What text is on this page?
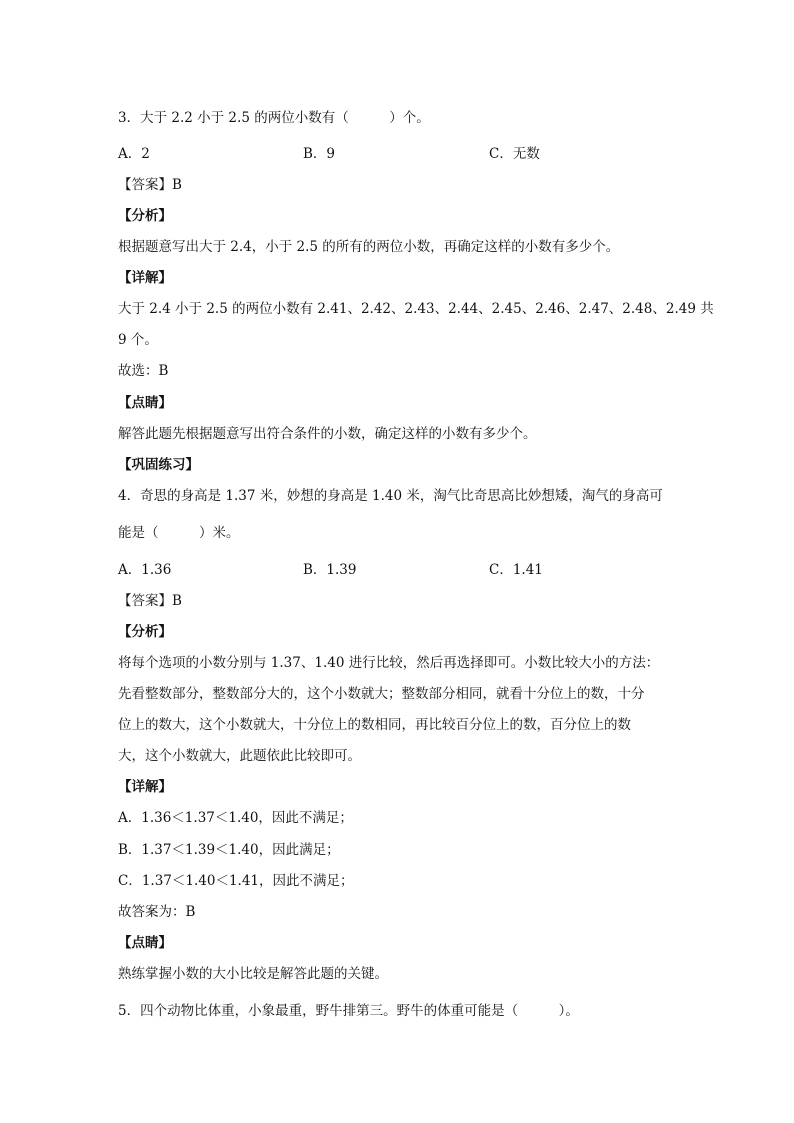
3．大于 2.2 小于 2.5 的两位小数有（　　　）个。
A．2	B．9	C．无数
【答案】B
【分析】
根据题意写出大于 2.4，小于 2.5 的所有的两位小数，再确定这样的小数有多少个。
【详解】
大于 2.4 小于 2.5 的两位小数有 2.41、2.42、2.43、2.44、2.45、2.46、2.47、2.48、2.49 共
9 个。
故选：B
【点睛】
解答此题先根据题意写出符合条件的小数，确定这样的小数有多少个。
【巩固练习】
4．奇思的身高是 1.37 米，妙想的身高是 1.40 米，淘气比奇思高比妙想矮，淘气的身高可
能是（　　　）米。
A．1.36	B．1.39	C．1.41
【答案】B
【分析】
将每个选项的小数分别与 1.37、1.40 进行比较，然后再选择即可。小数比较大小的方法：
先看整数部分，整数部分大的，这个小数就大；整数部分相同，就看十分位上的数，十分
位上的数大，这个小数就大，十分位上的数相同，再比较百分位上的数，百分位上的数
大，这个小数就大，此题依此比较即可。
【详解】
A．1.36＜1.37＜1.40，因此不满足；
B．1.37＜1.39＜1.40，因此满足；
C．1.37＜1.40＜1.41，因此不满足；
故答案为：B
【点睛】
熟练掌握小数的大小比较是解答此题的关键。
5．四个动物比体重，小象最重，野牛排第三。野牛的体重可能是（　　　）。
